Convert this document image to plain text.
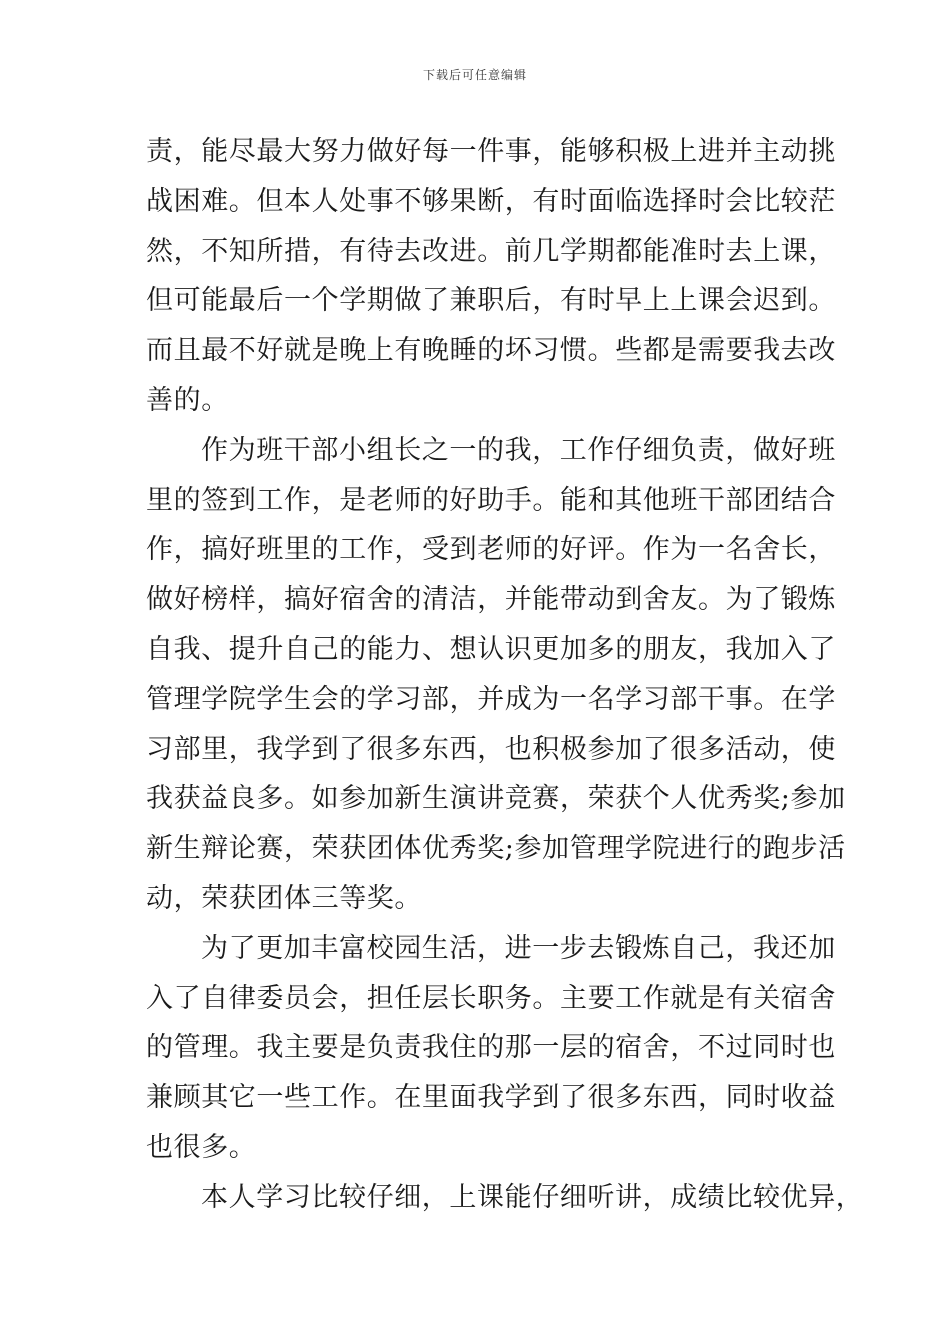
下载后可任意编辑
责，能尽最大努力做好每一件事，能够积极上进并主动挑
战困难。但本人处事不够果断，有时面临选择时会比较茫
然，不知所措，有待去改进。前几学期都能准时去上课，
但可能最后一个学期做了兼职后，有时早上上课会迟到。
而且最不好就是晚上有晚睡的坏习惯。些都是需要我去改
善的。
作为班干部小组长之一的我，工作仔细负责，做好班
里的签到工作，是老师的好助手。能和其他班干部团结合
作，搞好班里的工作，受到老师的好评。作为一名舍长，
做好榜样，搞好宿舍的清洁，并能带动到舍友。为了锻炼
自我、提升自己的能力、想认识更加多的朋友，我加入了
管理学院学生会的学习部，并成为一名学习部干事。在学
习部里，我学到了很多东西，也积极参加了很多活动，使
我获益良多。如参加新生演讲竞赛，荣获个人优秀奖;参加
新生辩论赛，荣获团体优秀奖;参加管理学院进行的跑步活
动，荣获团体三等奖。
为了更加丰富校园生活，进一步去锻炼自己，我还加
入了自律委员会，担任层长职务。主要工作就是有关宿舍
的管理。我主要是负责我住的那一层的宿舍，不过同时也
兼顾其它一些工作。在里面我学到了很多东西，同时收益
也很多。
本人学习比较仔细，上课能仔细听讲，成绩比较优异，
